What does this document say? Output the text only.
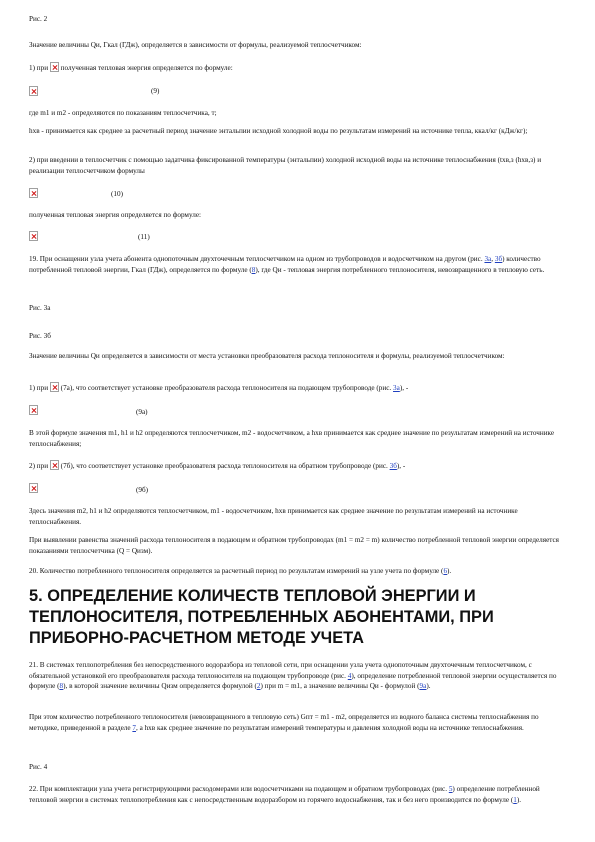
Рис. 2
Значение величины Qи, Гкал (ГДж), определяется в зависимости от формулы, реализуемой теплосчетчиком:
1) при полученная тепловая энергия определяется по формуле:
(9)
где m1 и m2 - определяются по показаниям теплосчетчика, т;
hхв - принимается как среднее за расчетный период значение энтальпии исходной холодной воды по результатам измерений на источнике тепла, ккал/кг (кДж/кг);
2) при введении в теплосчетчик с помощью задатчика фиксированной температуры (энтальпии) холодной исходной воды на источнике теплоснабжения (tхв,з (hхв,з) и реализации теплосчетчиком формулы
(10)
полученная тепловая энергия определяется по формуле:
(11)
19. При оснащении узла учета абонента однопоточным двухточечным теплосчетчиком на одном из трубопроводов и водосчетчиком на другом (рис. 3а, 3б) количество потребленной тепловой энергии, Гкал (ГДж), определяется по формуле (8), где Qи - тепловая энергия потребленного теплоносителя, невозвращенного в тепловую сеть.
Рис. 3а
Рис. 3б
Значение величины Qи определяется в зависимости от места установки преобразователя расхода теплоносителя и формулы, реализуемой теплосчетчиком:
1) при (7а), что соответствует установке преобразователя расхода теплоносителя на подающем трубопроводе (рис. 3а), -
(9а)
В этой формуле значения m1, h1 и h2 определяются теплосчетчиком, m2 - водосчетчиком, а hхв принимается как среднее значение по результатам измерений на источнике теплоснабжения;
2) при (7б), что соответствует установке преобразователя расхода теплоносителя на обратном трубопроводе (рис. 3б), -
(9б)
Здесь значения m2, h1 и h2 определяются теплосчетчиком, m1 - водосчетчиком, hхв принимается как среднее значение по результатам измерений на источнике теплоснабжения.
При выявлении равенства значений расхода теплоносителя в подающем и обратном трубопроводах (m1 = m2 = m) количество потребленной тепловой энергии определяется показаниями теплосчетчика (Q = Qизм).
20. Количество потребленного теплоносителя определяется за расчетный период по результатам измерений на узле учета по формуле (6).
5. ОПРЕДЕЛЕНИЕ КОЛИЧЕСТВ ТЕПЛОВОЙ ЭНЕРГИИ И ТЕПЛОНОСИТЕЛЯ, ПОТРЕБЛЕННЫХ АБОНЕНТАМИ, ПРИ ПРИБОРНО-РАСЧЕТНОМ МЕТОДЕ УЧЕТА
21. В системах теплопотребления без непосредственного водоразбора из тепловой сети, при оснащении узла учета однопоточным двухточечным теплосчетчиком, с обязательной установкой его преобразователя расхода теплоносителя на подающем трубопроводе (рис. 4), определение потребленной тепловой энергии осуществляется по формуле (8), в которой значение величины Qизм определяется формулой (2) при m = m1, а значение величины Qи - формулой (9а).
При этом количество потребленного теплоносителя (невозвращенного в тепловую сеть) Gпт = m1 - m2, определяется из водного баланса системы теплоснабжения по методике, приведенной в разделе 7, а hхв как среднее значение по результатам измерений температуры и давления холодной воды на источнике теплоснабжения.
Рис. 4
22. При комплектации узла учета регистрирующими расходомерами или водосчетчиками на подающем и обратном трубопроводах (рис. 5) определение потребленной тепловой энергии в системах теплопотребления как с непосредственным водоразбором из горячего водоснабжения, так и без него производится по формуле (1).
